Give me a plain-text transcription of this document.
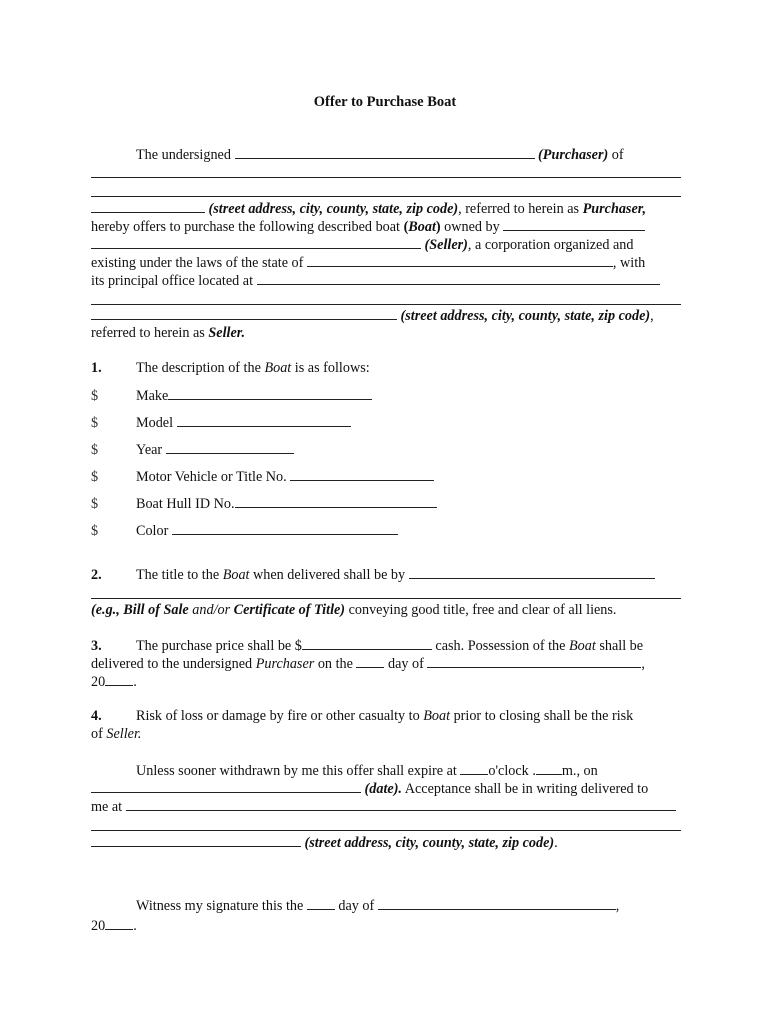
Offer to Purchase Boat
The undersigned	(Purchaser) of
(street address, city, county, state, zip code), referred to herein as Purchaser,
hereby offers to purchase the following described boat (Boat) owned by
(Seller), a corporation organized and
existing under the laws of the state of	, with
its principal office located at
(street address, city, county, state, zip code),
referred to herein as Seller.
1. The description of the Boat is as follows:
$	Make
$	Model
$	Year
$	Motor Vehicle or Title No.
$	Boat Hull ID No.
$	Color
2. The title to the Boat when delivered shall be by
(e.g., Bill of Sale and/or Certificate of Title) conveying good title, free and clear of all liens.
3. The purchase price shall be $	cash. Possession of the Boat shall be
delivered to the undersigned Purchaser on the day of	,
20 .
4. Risk of loss or damage by fire or other casualty to Boat prior to closing shall be the risk
of Seller.
Unless sooner withdrawn by me this offer shall expire at o'clock . m., on
(date). Acceptance shall be in writing delivered to
me at
(street address, city, county, state, zip code).
Witness my signature this the day of	,
20 .
